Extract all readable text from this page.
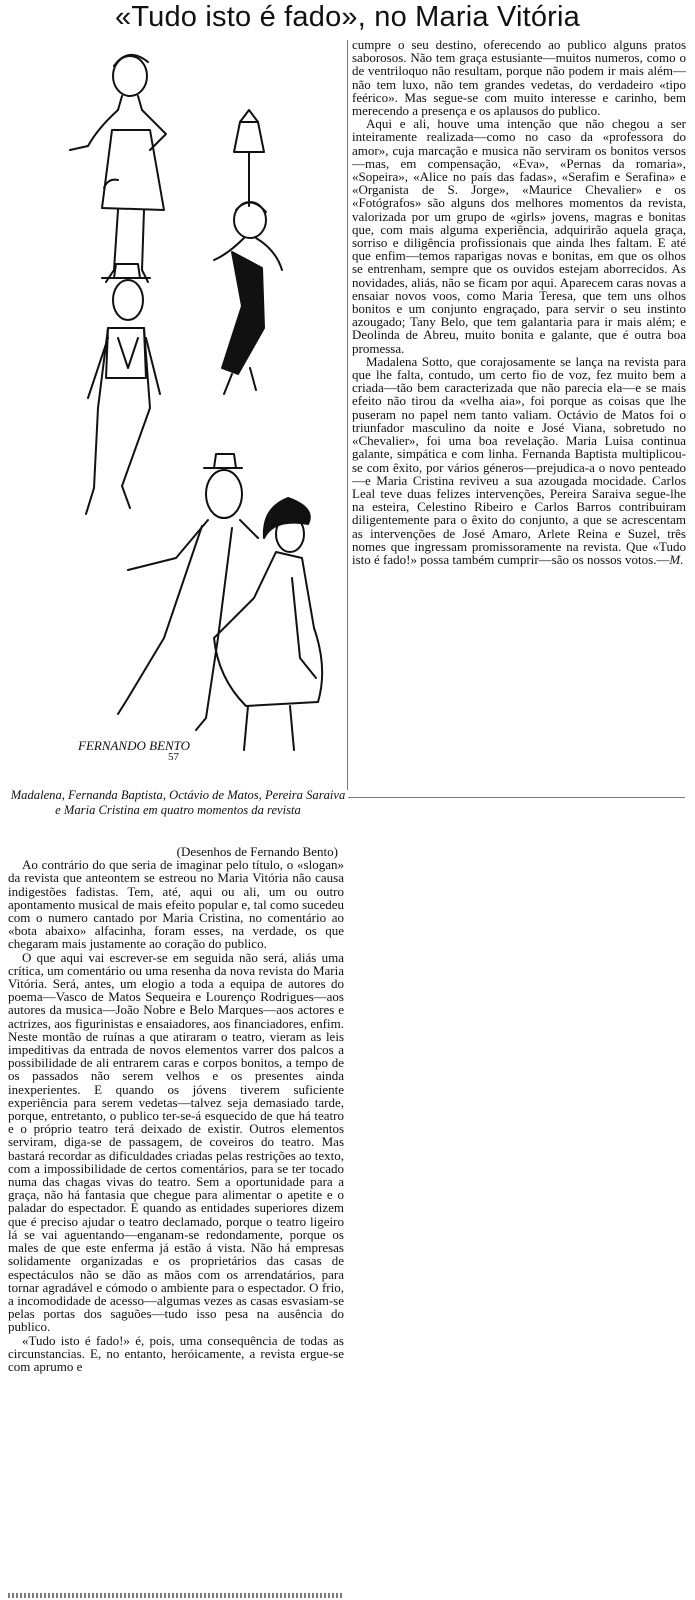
«Tudo isto é fado», no Maria Vitória
FERNANDO BENTO
57
Madalena, Fernanda Baptista, Octávio de Matos, Pereira Saraiva e Maria Cristina em quatro momentos da revista

(Desenhos de Fernando Bento)

Ao contrário do que seria de imaginar pelo título, o «slogan» da revista que anteontem se estreou no Maria Vitória não causa indigestões fadistas. Tem, até, aqui ou ali, um ou outro apontamento musical de mais efeito popular e, tal como sucedeu com o numero cantado por Maria Cristina, no comentário ao «bota abaixo» alfacinha, foram esses, na verdade, os que chegaram mais justamente ao coração do publico.

O que aqui vai escrever-se em seguida não será, aliás uma crítica, um comentário ou uma resenha da nova revista do Maria Vitória. Será, antes, um elogio a toda a equipa de autores do poema—Vasco de Matos Sequeira e Lourenço Rodrigues—aos autores da musica—João Nobre e Belo Marques—aos actores e actrizes, aos figurinistas e ensaiadores, aos financiadores, enfim. Neste montão de ruínas a que atiraram o teatro, vieram as leis impeditivas da entrada de novos elementos varrer dos palcos a possibilidade de ali entrarem caras e corpos bonitos, a tempo de os passados não serem velhos e os presentes ainda inexperientes. E quando os jóvens tiverem suficiente experiência para serem vedetas—talvez seja demasiado tarde, porque, entretanto, o publico ter-se-á esquecido de que há teatro e o próprio teatro terá deixado de existir. Outros elementos serviram, diga-se de passagem, de coveiros do teatro. Mas bastará recordar as dificuldades criadas pelas restrições ao texto, com a impossibilidade de certos comentários, para se ter tocado numa das chagas vivas do teatro. Sem a oportunidade para a graça, não há fantasia que chegue para alimentar o apetite e o paladar do espectador. E quando as entidades superiores dizem que é preciso ajudar o teatro declamado, porque o teatro ligeiro lá se vai aguentando—enganam-se redondamente, porque os males de que este enferma já estão á vista. Não há empresas solidamente organizadas e os proprietários das casas de espectáculos não se dão as mãos com os arrendatários, para tornar agradável e cómodo o ambiente para o espectador. O frio, a incomodidade de acesso—algumas vezes as casas esvasiam-se pelas portas dos saguões—tudo isso pesa na ausência do publico.

«Tudo isto é fado!» é, pois, uma consequência de todas as circunstancias. E, no entanto, heróicamente, a revista ergue-se com aprumo e

cumpre o seu destino, oferecendo ao publico alguns pratos saborosos. Não tem graça estusiante—muitos numeros, como o de ventriloquo não resultam, porque não podem ir mais além—não tem luxo, não tem grandes vedetas, do verdadeiro «tipo feérico». Mas segue-se com muito interesse e carinho, bem merecendo a presença e os aplausos do publico.

Aqui e ali, houve uma intenção que não chegou a ser inteiramente realizada—como no caso da «professora do amor», cuja marcação e musica não serviram os bonitos versos—mas, em compensação, «Eva», «Pernas da romaria», «Sopeira», «Alice no país das fadas», «Serafim e Serafina» e «Organista de S. Jorge», «Maurice Chevalier» e os «Fotógrafos» são alguns dos melhores momentos da revista, valorizada por um grupo de «girls» jovens, magras e bonitas que, com mais alguma experiência, adquirirão aquela graça, sorriso e diligência profissionais que ainda lhes faltam. E até que enfim—temos raparigas novas e bonitas, em que os olhos se entrenham, sempre que os ouvidos estejam aborrecidos. As novidades, aliás, não se ficam por aqui. Aparecem caras novas a ensaiar novos voos, como Maria Teresa, que tem uns olhos bonitos e um conjunto engraçado, para servir o seu instinto azougado; Tany Belo, que tem galantaria para ir mais além; e Deolinda de Abreu, muito bonita e galante, que é outra boa promessa.

Madalena Sotto, que corajosamente se lança na revista para que lhe falta, contudo, um certo fio de voz, fez muito bem a criada—tão bem caracterizada que não parecia ela—e se mais efeito não tirou da «velha aia», foi porque as coisas que lhe puseram no papel nem tanto valiam. Octávio de Matos foi o triunfador masculino da noite e José Viana, sobretudo no «Chevalier», foi uma boa revelação. Maria Luisa continua galante, simpática e com linha. Fernanda Baptista multiplicou-se com êxito, por vários géneros—prejudica-a o novo penteado—e Maria Cristina reviveu a sua azougada mocidade. Carlos Leal teve duas felizes intervenções, Pereira Saraiva segue-lhe na esteira, Celestino Ribeiro e Carlos Barros contribuiram diligentemente para o êxito do conjunto, a que se acrescentam as intervenções de José Amaro, Arlete Reina e Suzel, três nomes que ingressam promissoramente na revista. Que «Tudo isto é fado!» possa também cumprir—são os nossos votos.—M.
